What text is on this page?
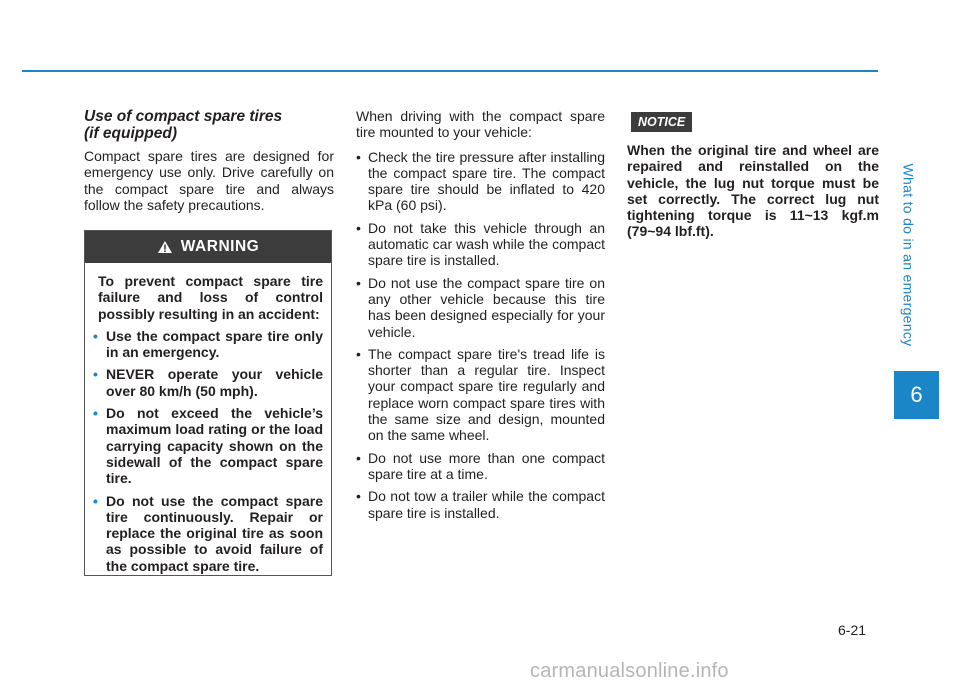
What to do in an emergency
6
Use of compact spare tires
(if equipped)

Compact spare tires are designed for emergency use only. Drive carefully on the compact spare tire and always follow the safety precautions.

WARNING

To prevent compact spare tire failure and loss of control possibly resulting in an accident:

• Use the compact spare tire only in an emergency.
• NEVER operate your vehicle over 80 km/h (50 mph).
• Do not exceed the vehicle’s maximum load rating or the load carrying capacity shown on the sidewall of the compact spare tire.
• Do not use the compact spare tire continuously. Repair or replace the original tire as soon as possible to avoid failure of the compact spare tire.

When driving with the compact spare tire mounted to your vehicle:

• Check the tire pressure after installing the compact spare tire. The compact spare tire should be inflated to 420 kPa (60 psi).
• Do not take this vehicle through an automatic car wash while the compact spare tire is installed.
• Do not use the compact spare tire on any other vehicle because this tire has been designed especially for your vehicle.
• The compact spare tire's tread life is shorter than a regular tire. Inspect your compact spare tire regularly and replace worn compact spare tires with the same size and design, mounted on the same wheel.
• Do not use more than one compact spare tire at a time.
• Do not tow a trailer while the compact spare tire is installed.
NOTICE

When the original tire and wheel are repaired and reinstalled on the vehicle, the lug nut torque must be set correctly. The correct lug nut tightening torque is 11~13 kgf.m (79~94 lbf.ft).

6-21
carmanualsonline.info
